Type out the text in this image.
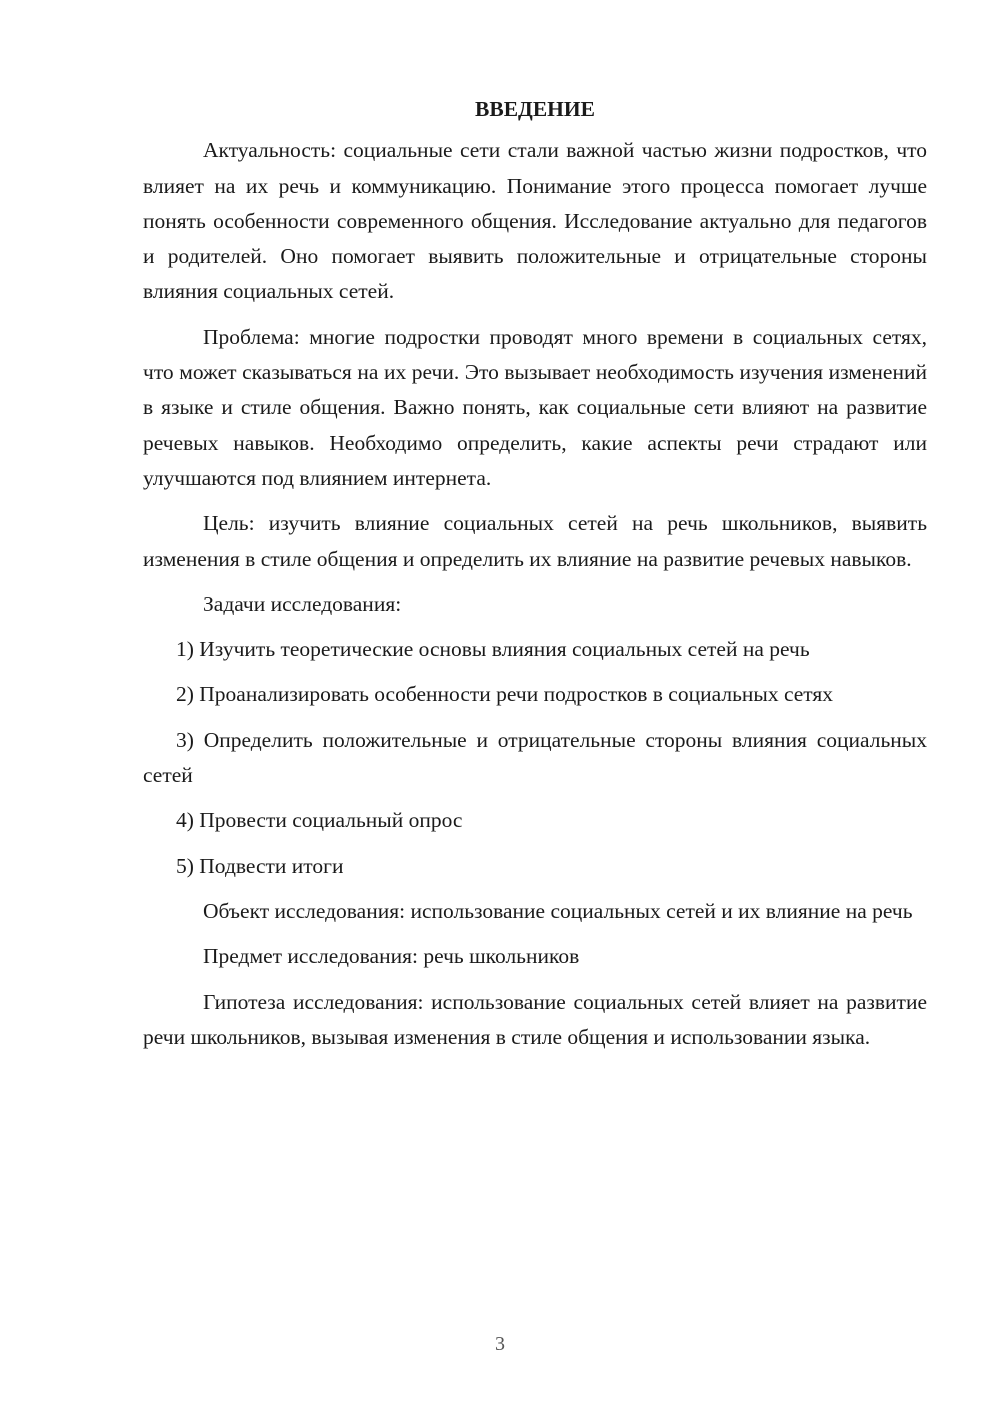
ВВЕДЕНИЕ

Актуальность: социальные сети стали важной частью жизни подростков, что влияет на их речь и коммуникацию. Понимание этого процесса помогает лучше понять особенности современного общения. Исследование актуально для педагогов и родителей. Оно помогает выявить положительные и отрицательные стороны влияния социальных сетей.

Проблема: многие подростки проводят много времени в социальных сетях, что может сказываться на их речи. Это вызывает необходимость изучения изменений в языке и стиле общения. Важно понять, как социальные сети влияют на развитие речевых навыков. Необходимо определить, какие аспекты речи страдают или улучшаются под влиянием интернета.

Цель: изучить влияние социальных сетей на речь школьников, выявить изменения в стиле общения и определить их влияние на развитие речевых навыков.

Задачи исследования:

1) Изучить теоретические основы влияния социальных сетей на речь

2) Проанализировать особенности речи подростков в социальных сетях

3) Определить положительные и отрицательные стороны влияния социальных сетей

4) Провести социальный опрос

5) Подвести итоги

Объект исследования: использование социальных сетей и их влияние на речь

Предмет исследования: речь школьников

Гипотеза исследования: использование социальных сетей влияет на развитие речи школьников, вызывая изменения в стиле общения и использовании языка.

3
